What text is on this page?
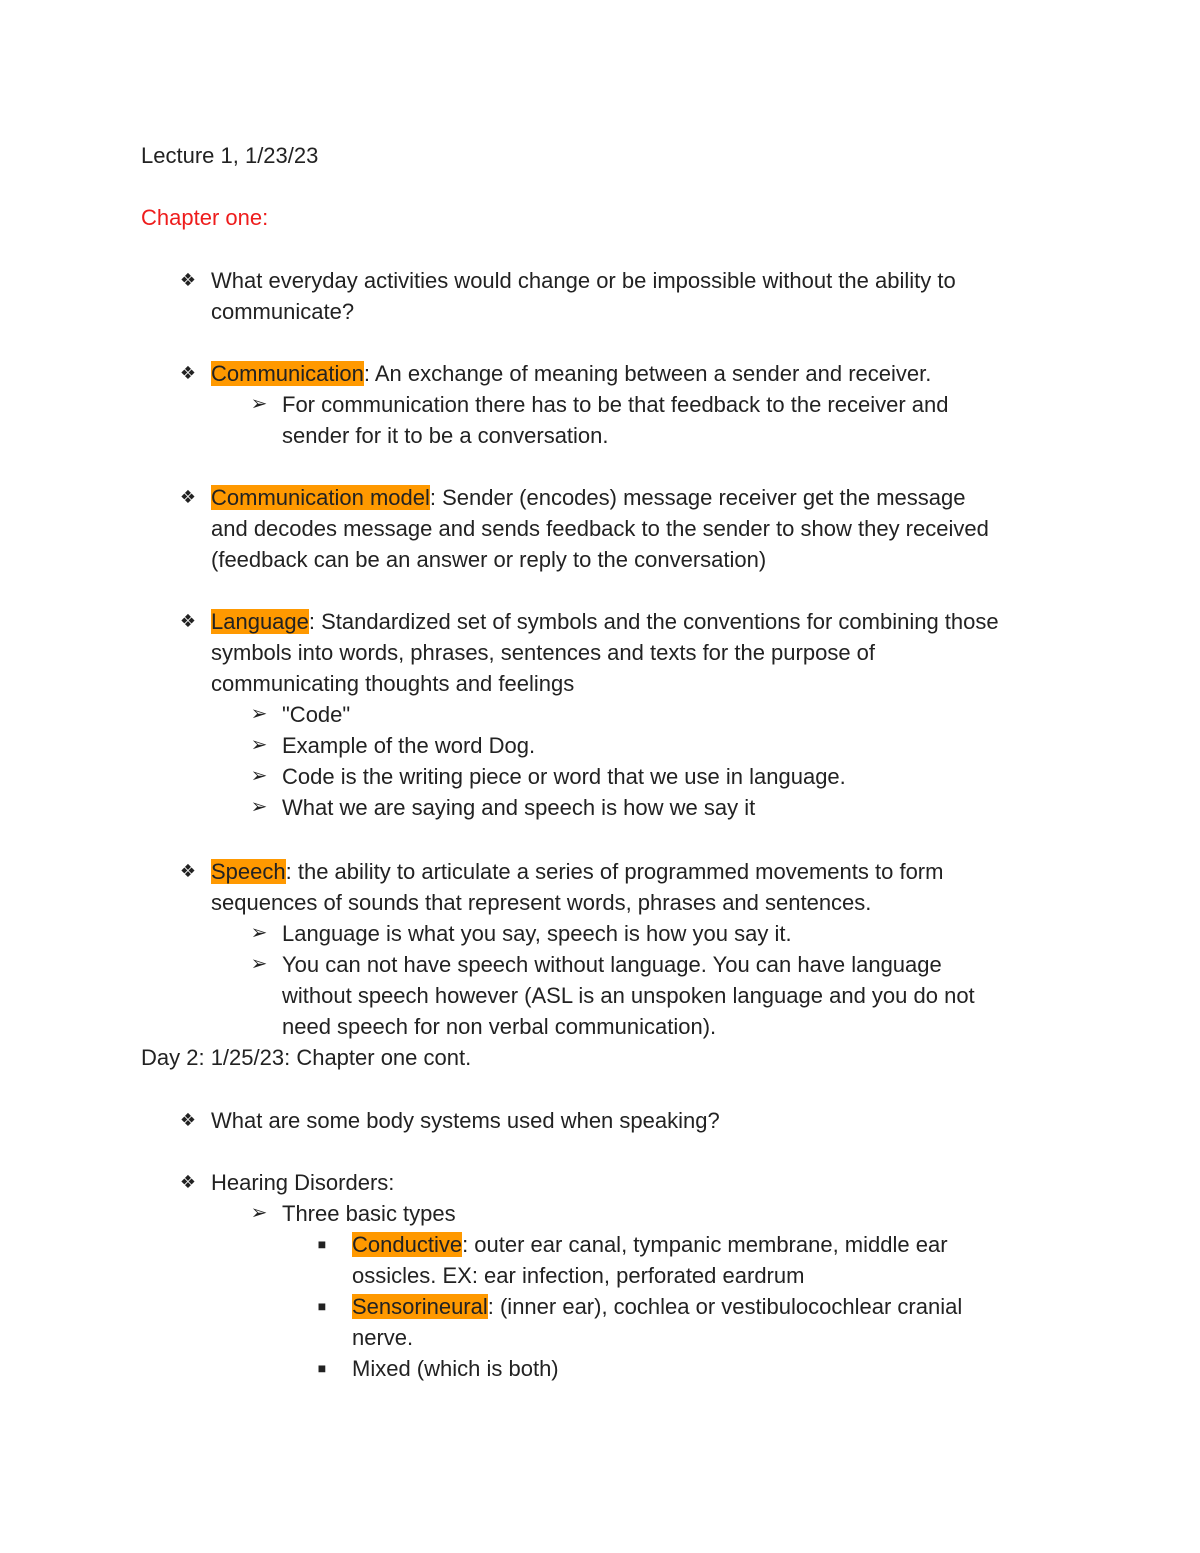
Lecture 1, 1/23/23
Chapter one:
❖ What everyday activities would change or be impossible without the ability to
communicate?
❖ Communication: An exchange of meaning between a sender and receiver.
➢ For communication there has to be that feedback to the receiver and
sender for it to be a conversation.
❖ Communication model: Sender (encodes) message receiver get the message
and decodes message and sends feedback to the sender to show they received
(feedback can be an answer or reply to the conversation)
❖ Language: Standardized set of symbols and the conventions for combining those
symbols into words, phrases, sentences and texts for the purpose of
communicating thoughts and feelings
➢ "Code"
➢ Example of the word Dog.
➢ Code is the writing piece or word that we use in language.
➢ What we are saying and speech is how we say it
❖ Speech: the ability to articulate a series of programmed movements to form
sequences of sounds that represent words, phrases and sentences.
➢ Language is what you say, speech is how you say it.
➢ You can not have speech without language. You can have language
without speech however (ASL is an unspoken language and you do not
need speech for non verbal communication).
Day 2: 1/25/23: Chapter one cont.
❖ What are some body systems used when speaking?
❖ Hearing Disorders:
➢ Three basic types
■	Conductive: outer ear canal, tympanic membrane, middle ear
ossicles. EX: ear infection, perforated eardrum
■	Sensorineural: (inner ear), cochlea or vestibulocochlear cranial
nerve.
■	Mixed (which is both)
